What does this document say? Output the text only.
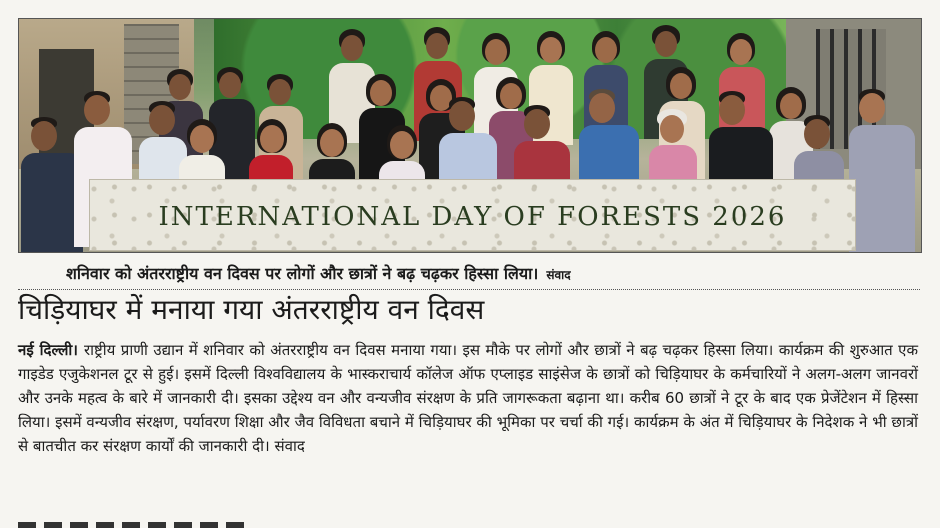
INTERNATIONAL DAY OF FORESTS 2026
शनिवार को अंतरराष्ट्रीय वन दिवस पर लोगों और छात्रों ने बढ़ चढ़कर हिस्सा लिया। संवाद
चिड़ियाघर में मनाया गया अंतरराष्ट्रीय वन दिवस
नई दिल्ली। राष्ट्रीय प्राणी उद्यान में शनिवार को अंतरराष्ट्रीय वन दिवस मनाया गया। इस मौके पर लोगों और छात्रों ने बढ़ चढ़कर हिस्सा लिया। कार्यक्रम की शुरुआत एक गाइडेड एजुकेशनल टूर से हुई। इसमें दिल्ली विश्वविद्यालय के भास्कराचार्य कॉलेज ऑफ एप्लाइड साइंसेज के छात्रों को चिड़ियाघर के कर्मचारियों ने अलग-अलग जानवरों और उनके महत्व के बारे में जानकारी दी। इसका उद्देश्य वन और वन्यजीव संरक्षण के प्रति जागरूकता बढ़ाना था। करीब 60 छात्रों ने टूर के बाद एक प्रेजेंटेशन में हिस्सा लिया। इसमें वन्यजीव संरक्षण, पर्यावरण शिक्षा और जैव विविधता बचाने में चिड़ियाघर की भूमिका पर चर्चा की गई। कार्यक्रम के अंत में चिड़ियाघर के निदेशक ने भी छात्रों से बातचीत कर संरक्षण कार्यों की जानकारी दी। संवाद
